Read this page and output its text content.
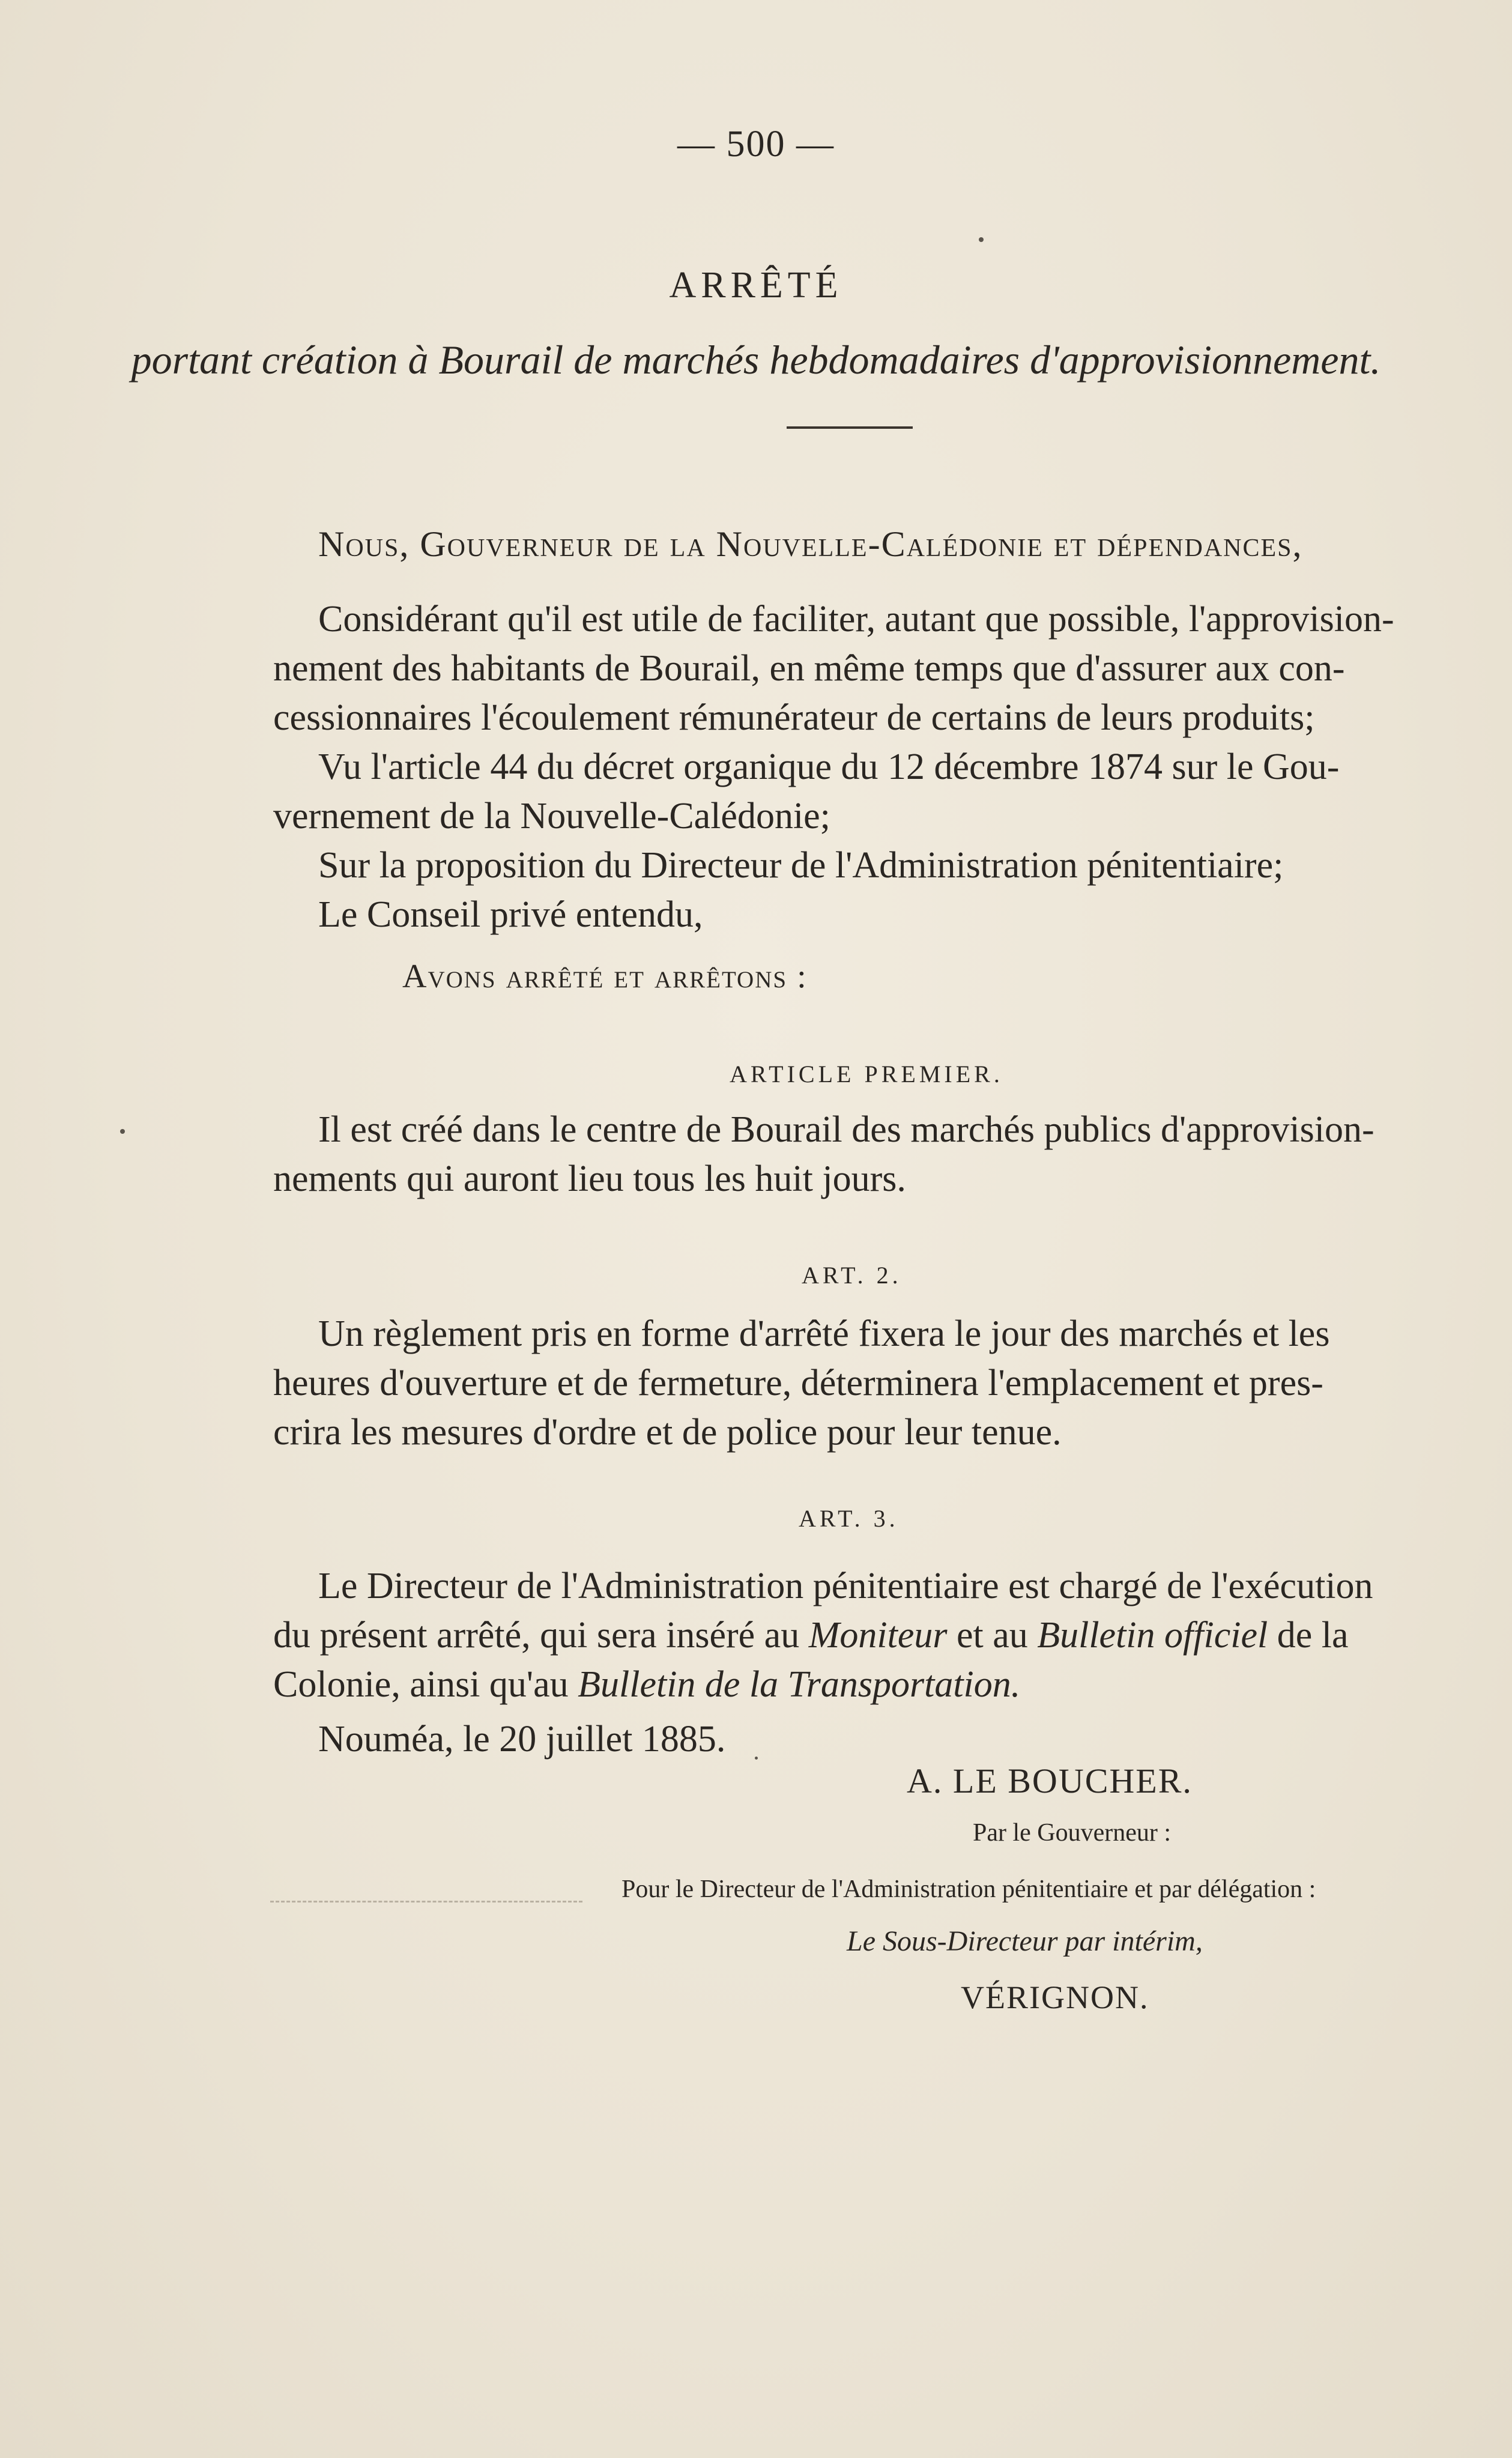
— 500 —
ARRÊTÉ
portant création à Bourail de marchés hebdomadaires d'approvisionnement.
Nous, Gouverneur de la Nouvelle-Calédonie et dépendances,
Considérant qu'il est utile de faciliter, autant que possible, l'approvision-
nement des habitants de Bourail, en même temps que d'assurer aux con-
cessionnaires l'écoulement rémunérateur de certains de leurs produits;
Vu l'article 44 du décret organique du 12 décembre 1874 sur le Gou-
vernement de la Nouvelle-Calédonie;
Sur la proposition du Directeur de l'Administration pénitentiaire;
Le Conseil privé entendu,
Avons arrêté et arrêtons :
ARTICLE PREMIER.
Il est créé dans le centre de Bourail des marchés publics d'approvision-
nements qui auront lieu tous les huit jours.
ART. 2.
Un règlement pris en forme d'arrêté fixera le jour des marchés et les
heures d'ouverture et de fermeture, déterminera l'emplacement et pres-
crira les mesures d'ordre et de police pour leur tenue.
ART. 3.
Le Directeur de l'Administration pénitentiaire est chargé de l'exécution
du présent arrêté, qui sera inséré au Moniteur et au Bulletin officiel de la
Colonie, ainsi qu'au Bulletin de la Transportation.
Nouméa, le 20 juillet 1885.
A. LE BOUCHER.
Par le Gouverneur :
Pour le Directeur de l'Administration pénitentiaire et par délégation :
Le Sous-Directeur par intérim,
VÉRIGNON.
